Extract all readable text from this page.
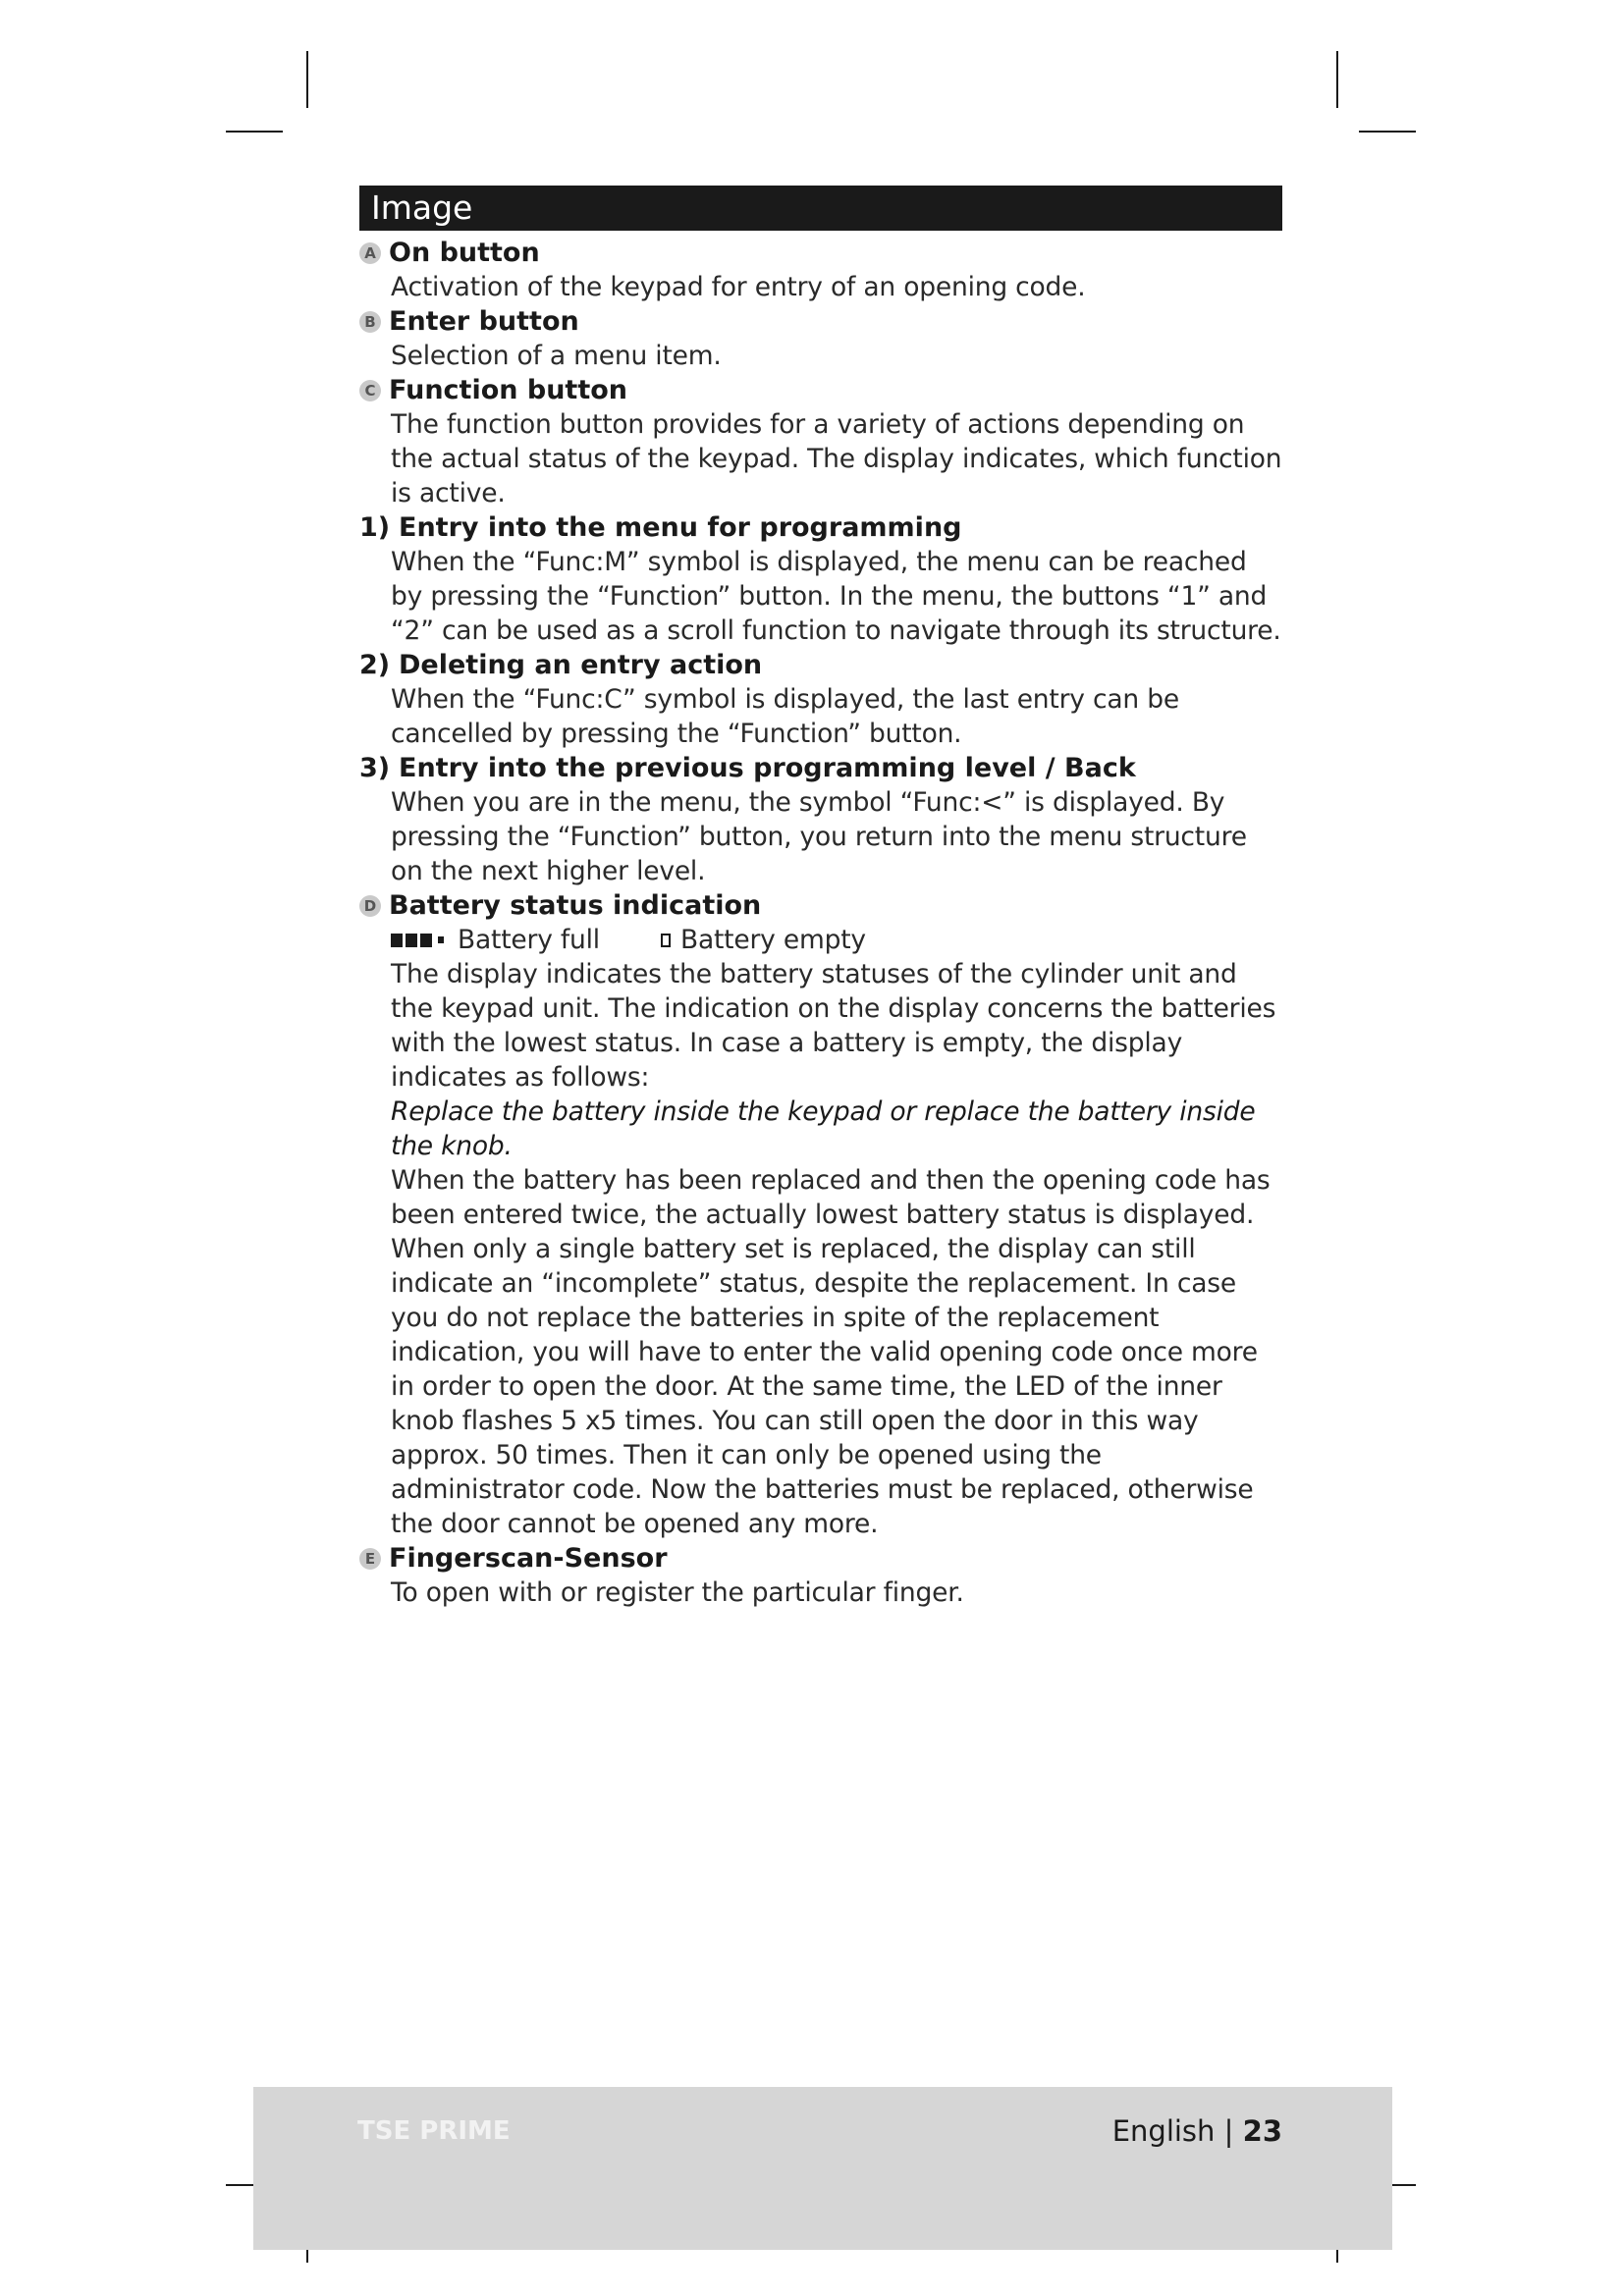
Image
A On button

Activation of the keypad for entry of an opening code.

B Enter button

Selection of a menu item.

C Function button

The function button provides for a variety of actions depending on the actual status of the keypad. The display indicates, which function is active.

1) Entry into the menu for programming

When the “Func:M” symbol is displayed, the menu can be reached by pressing the “Function” button. In the menu, the buttons “1” and “2” can be used as a scroll function to navigate through its structure.

2) Deleting an entry action

When the “Func:C” symbol is displayed, the last entry can be cancelled by pressing the “Function” button.

3) Entry into the previous programming level / Back

When you are in the menu, the symbol “Func:<” is displayed. By pressing the “Function” button, you return into the menu structure on the next higher level.

D Battery status indication
Battery full	Battery empty

The display indicates the battery statuses of the cylinder unit and the keypad unit. The indication on the display concerns the batteries with the lowest status. In case a battery is empty, the display indicates as follows:

Replace the battery inside the keypad or replace the battery inside the knob.

When the battery has been replaced and then the opening code has been entered twice, the actually lowest battery status is displayed. When only a single battery set is replaced, the display can still indicate an “incomplete” status, despite the replacement. In case you do not replace the batteries in spite of the replacement indication, you will have to enter the valid opening code once more in order to open the door. At the same time, the LED of the inner knob flashes 5 x5 times. You can still open the door in this way approx. 50 times. Then it can only be opened using the administrator code. Now the batteries must be replaced, otherwise the door cannot be opened any more.

E Fingerscan-Sensor

To open with or register the particular finger.

TSE PRIME	English | 23
